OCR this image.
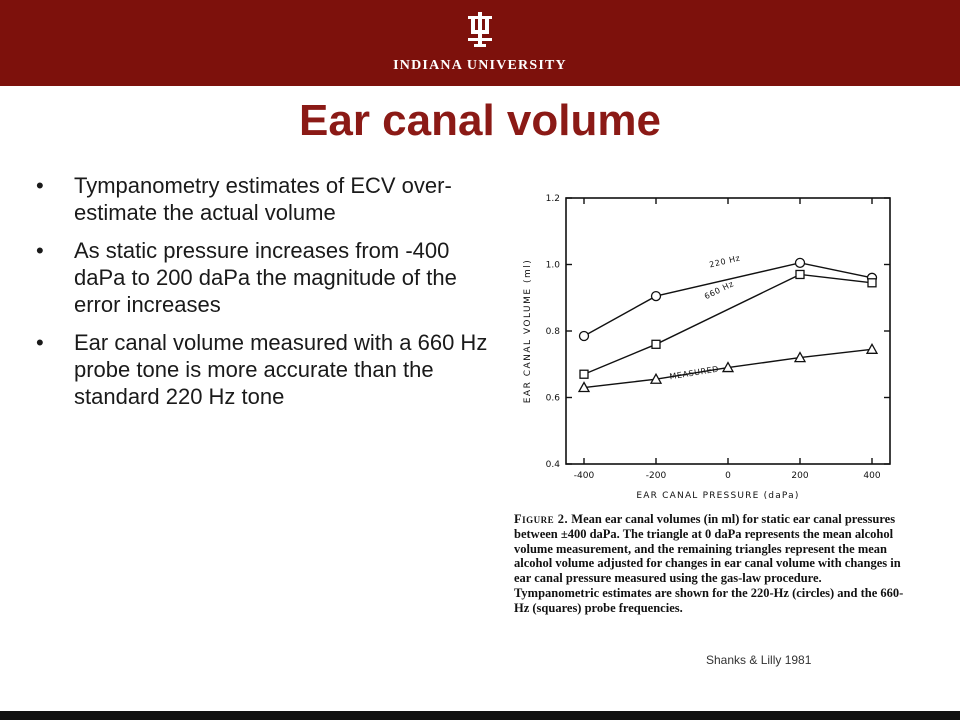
INDIANA UNIVERSITY
Ear canal volume
• Tympanometry estimates of ECV over-estimate the actual volume
• As static pressure increases from -400 daPa to 200 daPa the magnitude of the error increases
• Ear canal volume measured with a 660 Hz probe tone is more accurate than the standard 220 Hz tone	EAR CANAL VOLUME (ml)
EAR CANAL PRESSURE (daPa)
-400	-200	0	200	400
0.4
0.6
0.8
1.0
1.2
220 Hz
660 Hz
MEASURED
Figure 2. Mean ear canal volumes (in ml) for static ear canal pressures between ±400 daPa. The triangle at 0 daPa represents the mean alcohol volume measurement, and the remaining triangles represent the mean alcohol volume adjusted for changes in ear canal volume with changes in ear canal pressure measured using the gas-law procedure. Tympanometric estimates are shown for the 220-Hz (circles) and the 660-Hz (squares) probe frequencies.
Shanks & Lilly 1981
